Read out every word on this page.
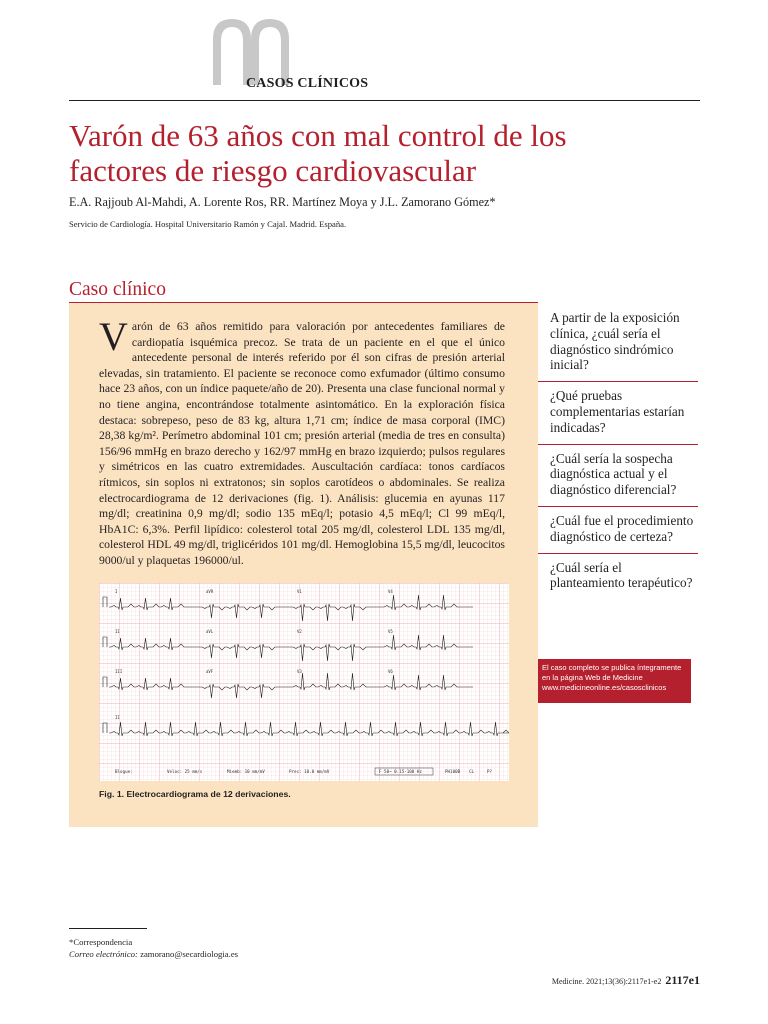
CASOS CLÍNICOS
Varón de 63 años con mal control de los factores de riesgo cardiovascular
E.A. Rajjoub Al-Mahdi, A. Lorente Ros, RR. Martínez Moya y J.L. Zamorano Gómez*
Servicio de Cardiología. Hospital Universitario Ramón y Cajal. Madrid. España.
Caso clínico
Varón de 63 años remitido para valoración por antecedentes familiares de cardiopatía isquémica precoz. Se trata de un paciente en el que el único antecedente personal de interés referido por él son cifras de presión arterial elevadas, sin tratamiento. El paciente se reconoce como exfumador (último consumo hace 23 años, con un índice paquete/año de 20). Presenta una clase funcional normal y no tiene angina, encontrándose totalmente asintomático. En la exploración física destaca: sobrepeso, peso de 83 kg, altura 1,71 cm; índice de masa corporal (IMC) 28,38 kg/m². Perímetro abdominal 101 cm; presión arterial (media de tres en consulta) 156/96 mmHg en brazo derecho y 162/97 mmHg en brazo izquierdo; pulsos regulares y simétricos en las cuatro extremidades. Auscultación cardíaca: tonos cardíacos rítmicos, sin soplos ni extratonos; sin soplos carotídeos o abdominales. Se realiza electrocardiograma de 12 derivaciones (fig. 1). Análisis: glucemia en ayunas 117 mg/dl; creatinina 0,9 mg/dl; sodio 135 mEq/l; potasio 4,5 mEq/l; Cl 99 mEq/l, HbA1C: 6,3%. Perfil lipídico: colesterol total 205 mg/dl, colesterol LDL 135 mg/dl, colesterol HDL 49 mg/dl, triglicéridos 101 mg/dl. Hemoglobina 15,5 mg/dl, leucocitos 9000/ul y plaquetas 196000/ul.
I	aVR	V1	V4
II	aVL	V2	V5
III	aVF	V3	V6
II
Blogue:	Veloc: 25 mm/s	Miemb: 10 mm/mV	Prec: 10.0 mm/mV	F 50~ 0.15-100 Hz	PH100B CL	P?
Fig. 1. Electrocardiograma de 12 derivaciones.
A partir de la exposición clínica, ¿cuál sería el diagnóstico sindrómico inicial?
¿Qué pruebas complementarias estarían indicadas?
¿Cuál sería la sospecha diagnóstica actual y el diagnóstico diferencial?
¿Cuál fue el procedimiento diagnóstico de certeza?
¿Cuál sería el planteamiento terapéutico?
El caso completo se publica íntegramente
en la página Web de Medicine
www.medicineonline.es/casosclinicos
*Correspondencia
Correo electrónico: zamorano@secardiologia.es
Medicine. 2021;13(36):2117e1-e2 2117e1
